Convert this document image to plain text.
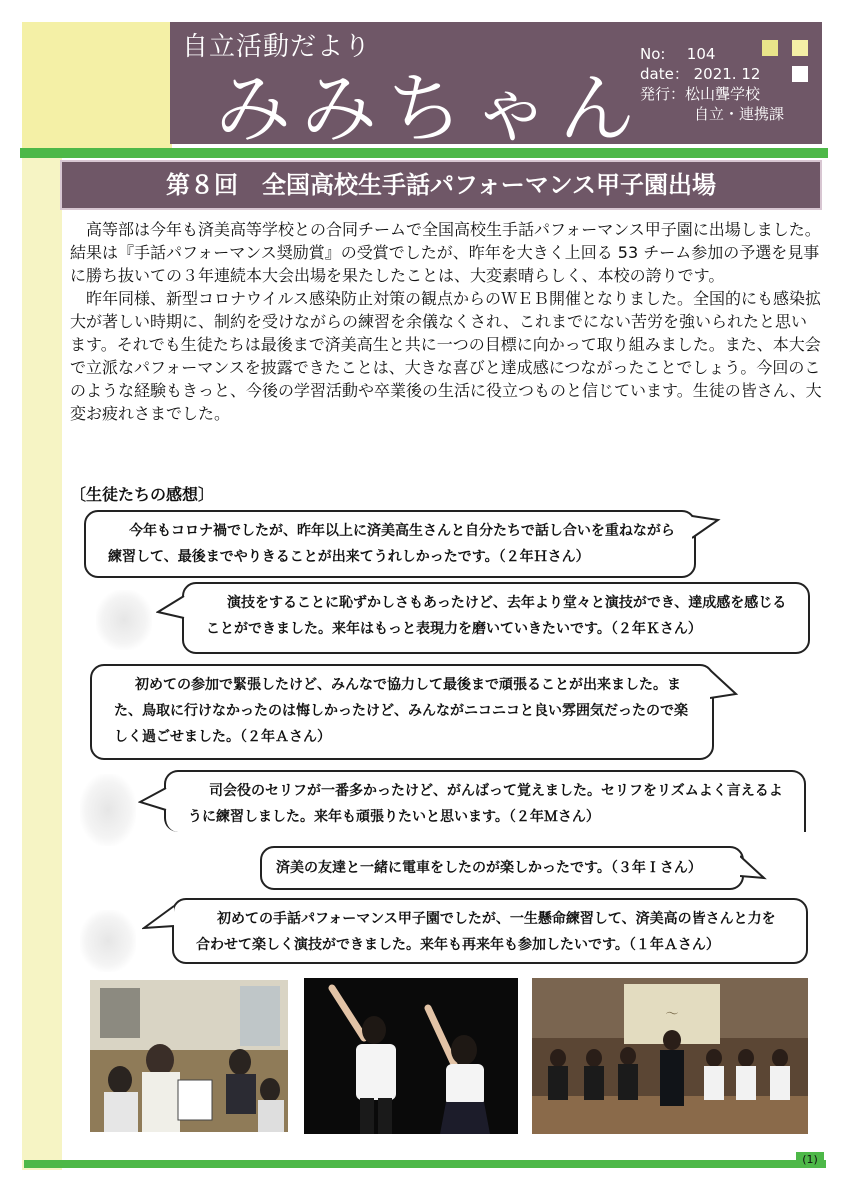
自立活動だより
みみちゃん
No: 104
date： 2021. 12
発行：松山聾学校
自立・連携課
第８回　全国高校生手話パフォーマンス甲子園出場

高等部は今年も済美高等学校との合同チームで全国高校生手話パフォーマンス甲子園に出場しました。結果は『手話パフォーマンス奨励賞』の受賞でしたが、昨年を大きく上回る 53 チーム参加の予選を見事に勝ち抜いての３年連続本大会出場を果たしたことは、大変素晴らしく、本校の誇りです。

昨年同様、新型コロナウイルス感染防止対策の観点からのＷＥＢ開催となりました。全国的にも感染拡大が著しい時期に、制約を受けながらの練習を余儀なくされ、これまでにない苦労を強いられたと思います。それでも生徒たちは最後まで済美高生と共に一つの目標に向かって取り組みました。また、本大会で立派なパフォーマンスを披露できたことは、大きな喜びと達成感につながったことでしょう。今回のこのような経験もきっと、今後の学習活動や卒業後の生活に役立つものと信じています。生徒の皆さん、大変お疲れさまでした。

〔生徒たちの感想〕
今年もコロナ禍でしたが、昨年以上に済美高生さんと自分たちで話し合いを重ねながら練習して、最後までやりきることが出来てうれしかったです。（２年Ｈさん）
演技をすることに恥ずかしさもあったけど、去年より堂々と演技ができ、達成感を感じることができました。来年はもっと表現力を磨いていきたいです。（２年Ｋさん）
初めての参加で緊張したけど、みんなで協力して最後まで頑張ることが出来ました。また、鳥取に行けなかったのは悔しかったけど、みんながニコニコと良い雰囲気だったので楽しく過ごせました。（２年Ａさん）
司会役のセリフが一番多かったけど、がんばって覚えました。セリフをリズムよく言えるように練習しました。来年も頑張りたいと思います。（２年Ｍさん）
済美の友達と一緒に電車をしたのが楽しかったです。（３年Ｉさん）
初めての手話パフォーマンス甲子園でしたが、一生懸命練習して、済美高の皆さんと力を合わせて楽しく演技ができました。来年も再来年も参加したいです。（１年Ａさん）
〜
(1)
